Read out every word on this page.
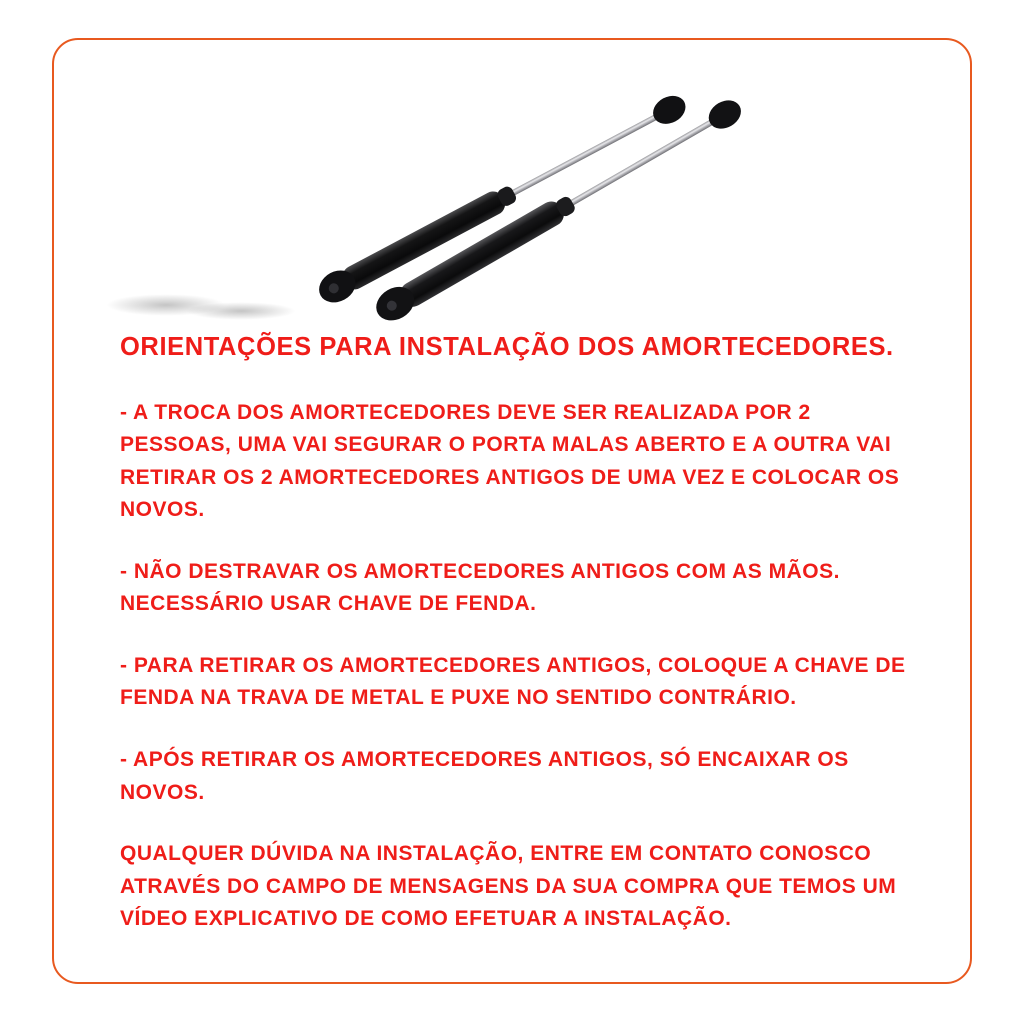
ORIENTAÇÕES PARA INSTALAÇÃO DOS AMORTECEDORES.

- A TROCA DOS AMORTECEDORES DEVE SER REALIZADA POR 2 PESSOAS, UMA VAI SEGURAR O PORTA MALAS ABERTO E A OUTRA VAI RETIRAR OS 2 AMORTECEDORES ANTIGOS DE UMA VEZ E COLOCAR OS NOVOS.

- NÃO DESTRAVAR OS AMORTECEDORES ANTIGOS COM AS MÃOS. NECESSÁRIO USAR CHAVE DE FENDA.

- PARA RETIRAR OS AMORTECEDORES ANTIGOS, COLOQUE A CHAVE DE FENDA NA TRAVA DE METAL E PUXE NO SENTIDO CONTRÁRIO.

- APÓS RETIRAR OS AMORTECEDORES ANTIGOS, SÓ ENCAIXAR OS NOVOS.

QUALQUER DÚVIDA NA INSTALAÇÃO, ENTRE EM CONTATO CONOSCO ATRAVÉS DO CAMPO DE MENSAGENS DA SUA COMPRA QUE TEMOS UM VÍDEO EXPLICATIVO DE COMO EFETUAR A INSTALAÇÃO.
